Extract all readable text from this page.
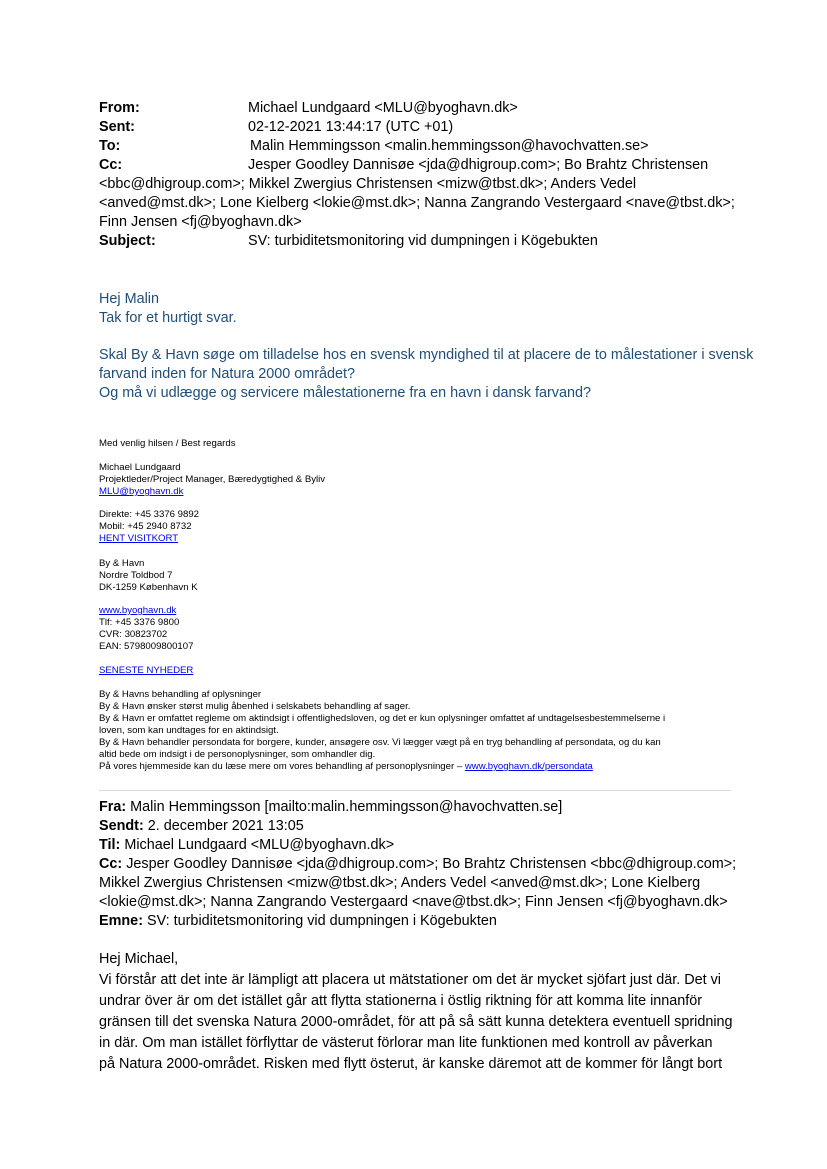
From:	Michael Lundgaard <MLU@byoghavn.dk>
Sent:	02-12-2021 13:44:17 (UTC +01)
To:	Malin Hemmingsson <malin.hemmingsson@havochvatten.se>
Cc:	Jesper Goodley Dannisøe <jda@dhigroup.com>; Bo Brahtz Christensen
<bbc@dhigroup.com>; Mikkel Zwergius Christensen <mizw@tbst.dk>; Anders Vedel
<anved@mst.dk>; Lone Kielberg <lokie@mst.dk>; Nanna Zangrando Vestergaard <nave@tbst.dk>;
Finn Jensen <fj@byoghavn.dk>
Subject:	SV: turbiditetsmonitoring vid dumpningen i Kögebukten
Hej Malin
Tak for et hurtigt svar.
Skal By & Havn søge om tilladelse hos en svensk myndighed til at placere de to målestationer i svensk
farvand inden for Natura 2000 området?
Og må vi udlægge og servicere målestationerne fra en havn i dansk farvand?
Med venlig hilsen / Best regards
Michael Lundgaard
Projektleder/Project Manager, Bæredygtighed & Byliv
MLU@byoghavn.dk
Direkte: +45 3376 9892
Mobil: +45 2940 8732
HENT VISITKORT
By & Havn
Nordre Toldbod 7
DK-1259 København K
www.byoghavn.dk
Tlf: +45 3376 9800
CVR: 30823702
EAN: 5798009800107
SENESTE NYHEDER
By & Havns behandling af oplysninger
By & Havn ønsker størst mulig åbenhed i selskabets behandling af sager.
By & Havn er omfattet regleme om aktindsigt i offentlighedsloven, og det er kun oplysninger omfattet af undtagelsesbestemmelserne i
loven, som kan undtages for en aktindsigt.
By & Havn behandler persondata for borgere, kunder, ansøgere osv. Vi lægger vægt på en tryg behandling af persondata, og du kan
altid bede om indsigt i de personoplysninger, som omhandler dig.
På vores hjemmeside kan du læse mere om vores behandling af personoplysninger – www.byoghavn.dk/persondata
Fra: Malin Hemmingsson [mailto:malin.hemmingsson@havochvatten.se]
Sendt: 2. december 2021 13:05
Til: Michael Lundgaard <MLU@byoghavn.dk>
Cc: Jesper Goodley Dannisøe <jda@dhigroup.com>; Bo Brahtz Christensen <bbc@dhigroup.com>;
Mikkel Zwergius Christensen <mizw@tbst.dk>; Anders Vedel <anved@mst.dk>; Lone Kielberg
<lokie@mst.dk>; Nanna Zangrando Vestergaard <nave@tbst.dk>; Finn Jensen <fj@byoghavn.dk>
Emne: SV: turbiditetsmonitoring vid dumpningen i Kögebukten
Hej Michael,
Vi förstår att det inte är lämpligt att placera ut mätstationer om det är mycket sjöfart just där. Det vi
undrar över är om det istället går att flytta stationerna i östlig riktning för att komma lite innanför
gränsen till det svenska Natura 2000-området, för att på så sätt kunna detektera eventuell spridning
in där. Om man istället förflyttar de västerut förlorar man lite funktionen med kontroll av påverkan
på Natura 2000-området. Risken med flytt österut, är kanske däremot att de kommer för långt bort
